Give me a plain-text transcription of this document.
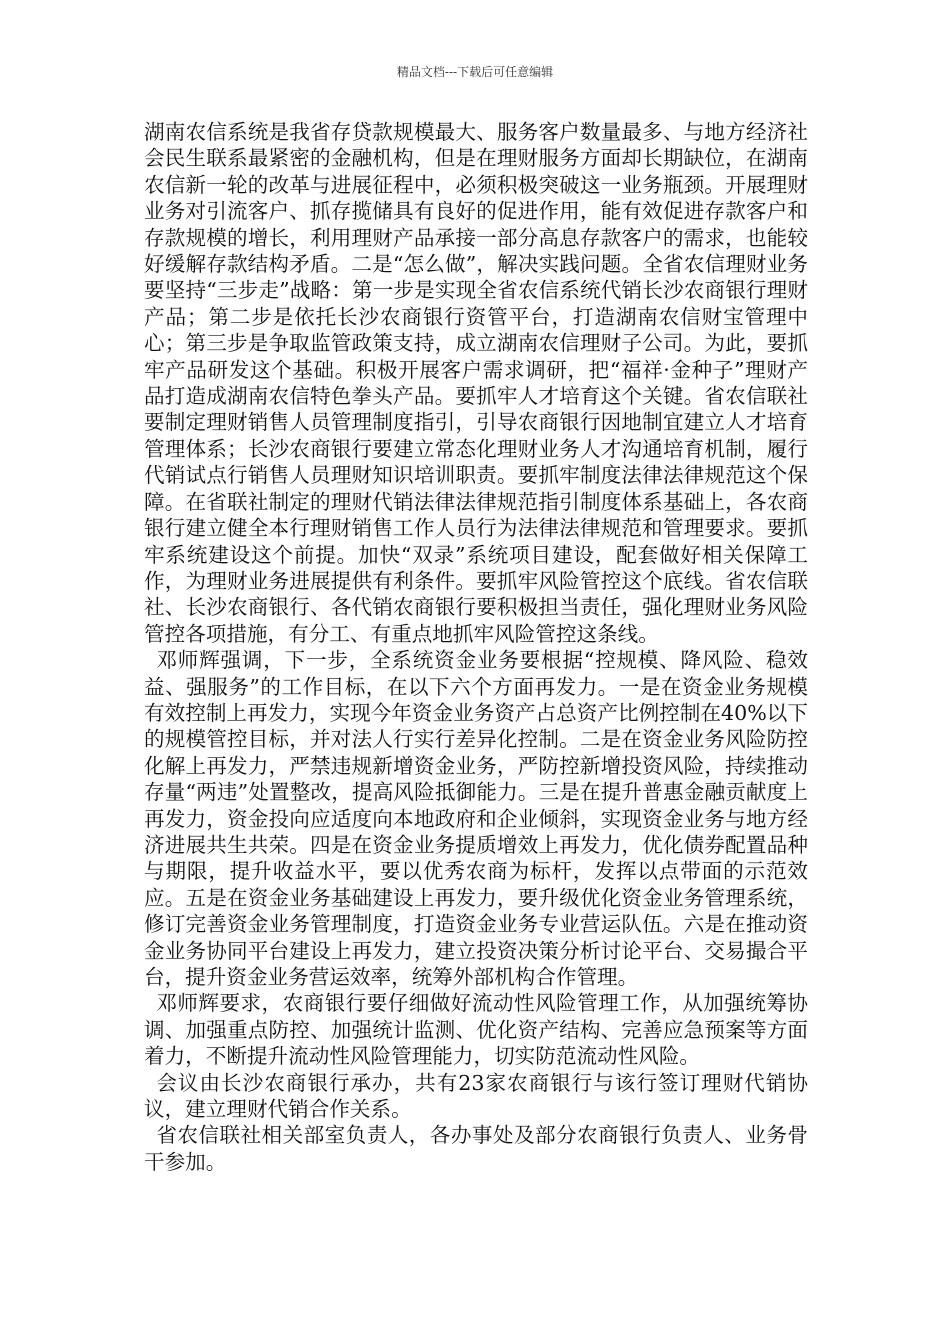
精品文档---下载后可任意编辑

湖南农信系统是我省存贷款规模最大、服务客户数量最多、与地方经济社会民生联系最紧密的金融机构，但是在理财服务方面却长期缺位，在湖南农信新一轮的改革与进展征程中，必须积极突破这一业务瓶颈。开展理财业务对引流客户、抓存揽储具有良好的促进作用，能有效促进存款客户和存款规模的增长，利用理财产品承接一部分高息存款客户的需求，也能较好缓解存款结构矛盾。二是“怎么做”，解决实践问题。全省农信理财业务要坚持“三步走”战略：第一步是实现全省农信系统代销长沙农商银行理财产品；第二步是依托长沙农商银行资管平台，打造湖南农信财宝管理中心；第三步是争取监管政策支持，成立湖南农信理财子公司。为此，要抓牢产品研发这个基础。积极开展客户需求调研，把“福祥·金种子”理财产品打造成湖南农信特色拳头产品。要抓牢人才培育这个关键。省农信联社要制定理财销售人员管理制度指引，引导农商银行因地制宜建立人才培育管理体系；长沙农商银行要建立常态化理财业务人才沟通培育机制，履行代销试点行销售人员理财知识培训职责。要抓牢制度法律法律规范这个保障。在省联社制定的理财代销法律法律规范指引制度体系基础上，各农商银行建立健全本行理财销售工作人员行为法律法律规范和管理要求。要抓牢系统建设这个前提。加快“双录”系统项目建设，配套做好相关保障工作，为理财业务进展提供有利条件。要抓牢风险管控这个底线。省农信联社、长沙农商银行、各代销农商银行要积极担当责任，强化理财业务风险管控各项措施，有分工、有重点地抓牢风险管控这条线。

邓师辉强调，下一步，全系统资金业务要根据“控规模、降风险、稳效益、强服务”的工作目标，在以下六个方面再发力。一是在资金业务规模有效控制上再发力，实现今年资金业务资产占总资产比例控制在40%以下的规模管控目标，并对法人行实行差异化控制。二是在资金业务风险防控化解上再发力，严禁违规新增资金业务，严防控新增投资风险，持续推动存量“两违”处置整改，提高风险抵御能力。三是在提升普惠金融贡献度上再发力，资金投向应适度向本地政府和企业倾斜，实现资金业务与地方经济进展共生共荣。四是在资金业务提质增效上再发力，优化债券配置品种与期限，提升收益水平，要以优秀农商为标杆，发挥以点带面的示范效应。五是在资金业务基础建设上再发力，要升级优化资金业务管理系统，修订完善资金业务管理制度，打造资金业务专业营运队伍。六是在推动资金业务协同平台建设上再发力，建立投资决策分析讨论平台、交易撮合平台，提升资金业务营运效率，统筹外部机构合作管理。

邓师辉要求，农商银行要仔细做好流动性风险管理工作，从加强统筹协调、加强重点防控、加强统计监测、优化资产结构、完善应急预案等方面着力，不断提升流动性风险管理能力，切实防范流动性风险。

会议由长沙农商银行承办，共有23家农商银行与该行签订理财代销协议，建立理财代销合作关系。

省农信联社相关部室负责人，各办事处及部分农商银行负责人、业务骨干参加。
